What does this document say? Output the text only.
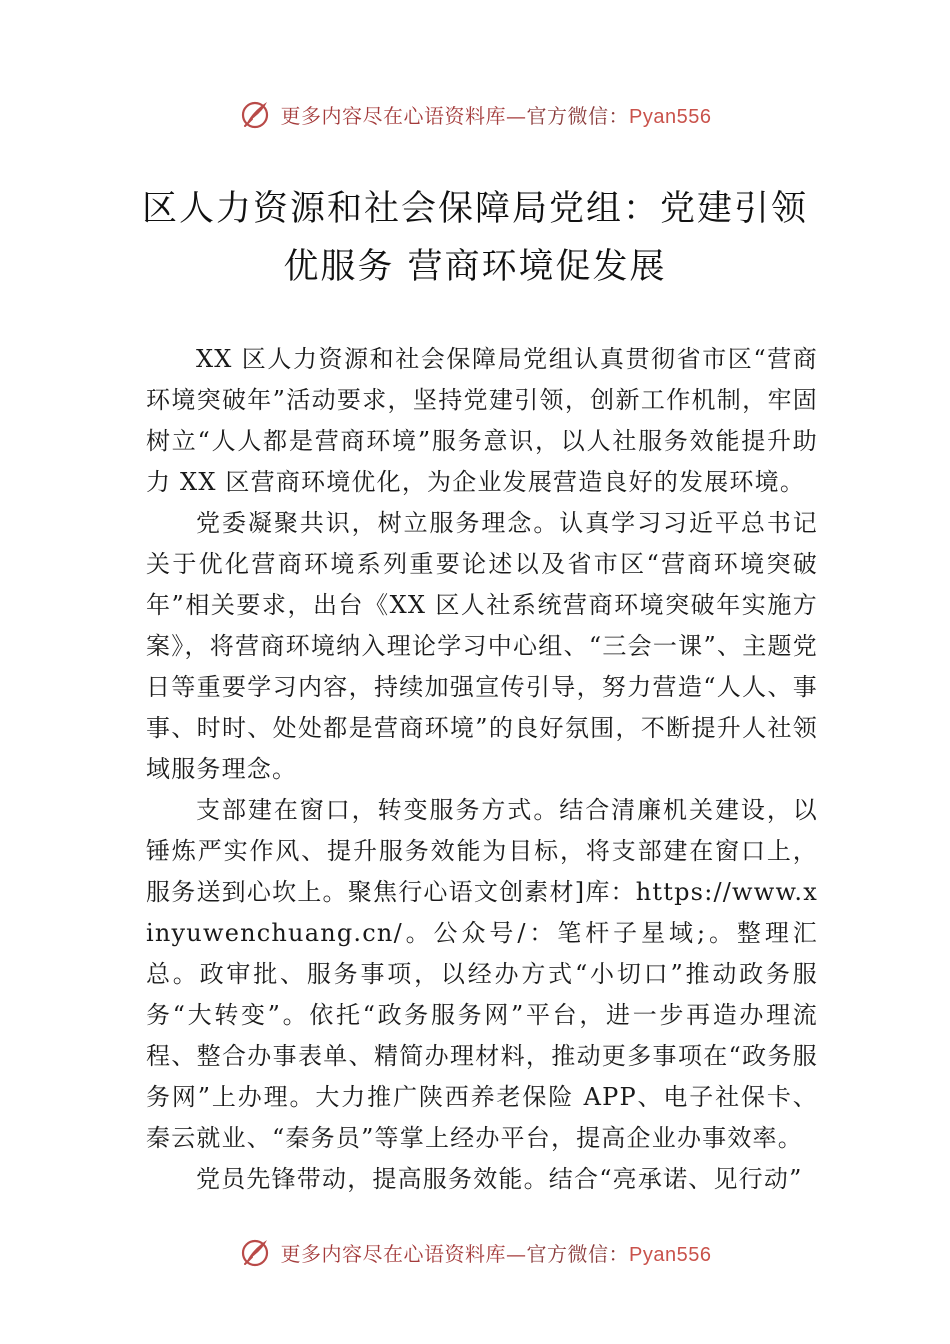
更多内容尽在心语资料库—官方微信：Pyan556
区人力资源和社会保障局党组：党建引领
优服务 营商环境促发展

XX 区人力资源和社会保障局党组认真贯彻省市区“营商环境突破年”活动要求，坚持党建引领，创新工作机制，牢固树立“人人都是营商环境”服务意识，以人社服务效能提升助力 XX 区营商环境优化，为企业发展营造良好的发展环境。

党委凝聚共识，树立服务理念。认真学习习近平总书记关于优化营商环境系列重要论述以及省市区“营商环境突破年”相关要求，出台《XX 区人社系统营商环境突破年实施方案》，将营商环境纳入理论学习中心组、“三会一课”、主题党日等重要学习内容，持续加强宣传引导，努力营造“人人、事事、时时、处处都是营商环境”的良好氛围，不断提升人社领域服务理念。

支部建在窗口，转变服务方式。结合清廉机关建设，以锤炼严实作风、提升服务效能为目标，将支部建在窗口上，服务送到心坎上。聚焦行心语文创素材]库：https://www.xinyuwenchuang.cn/。公众号/：笔杆子星域;。整理汇总。政审批、服务事项，以经办方式“小切口”推动政务服务“大转变”。依托“政务服务网”平台，进一步再造办理流程、整合办事表单、精简办理材料，推动更多事项在“政务服务网”上办理。大力推广陕西养老保险 APP、电子社保卡、秦云就业、“秦务员”等掌上经办平台，提高企业办事效率。

党员先锋带动，提高服务效能。结合“亮承诺、见行动”

更多内容尽在心语资料库—官方微信：Pyan556
